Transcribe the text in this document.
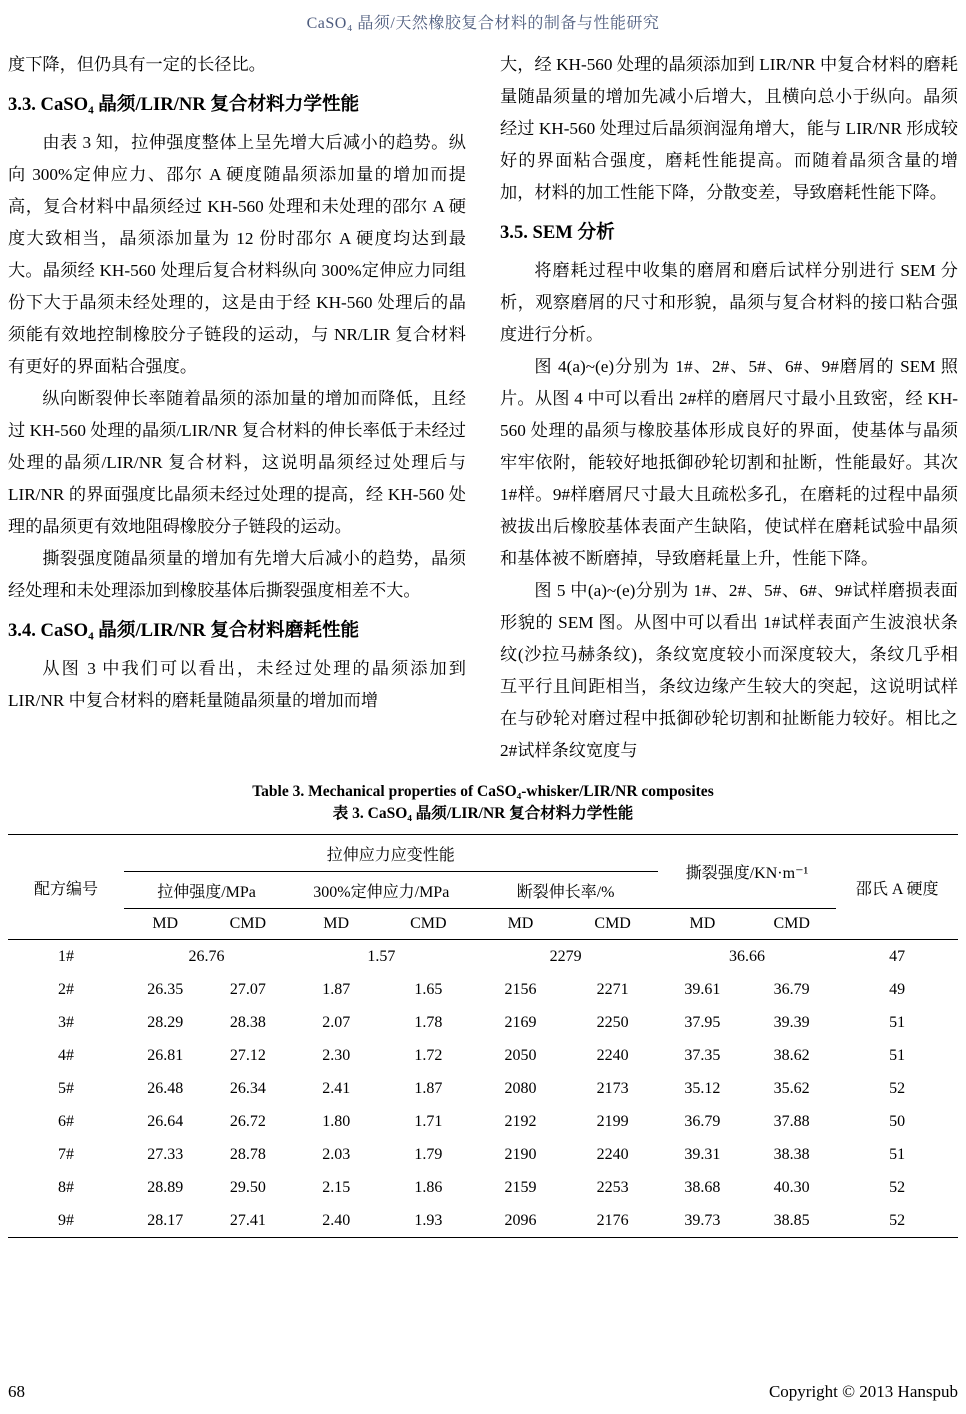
CaSO₄ 晶须/天然橡胶复合材料的制备与性能研究

度下降，但仍具有一定的长径比。

3.3. CaSO₄ 晶须/LIR/NR 复合材料力学性能

由表 3 知，拉伸强度整体上呈先增大后减小的趋势。纵向 300%定伸应力、邵尔 A 硬度随晶须添加量的增加而提高，复合材料中晶须经过 KH-560 处理和未处理的邵尔 A 硬度大致相当，晶须添加量为 12 份时邵尔 A 硬度均达到最大。晶须经 KH-560 处理后复合材料纵向 300%定伸应力同组份下大于晶须未经处理的，这是由于经 KH-560 处理后的晶须能有效地控制橡胶分子链段的运动，与 NR/LIR 复合材料有更好的界面粘合强度。

纵向断裂伸长率随着晶须的添加量的增加而降低，且经过 KH-560 处理的晶须/LIR/NR 复合材料的伸长率低于未经过处理的晶须/LIR/NR 复合材料，这说明晶须经过处理后与 LIR/NR 的界面强度比晶须未经过处理的提高，经 KH-560 处理的晶须更有效地阻碍橡胶分子链段的运动。

撕裂强度随晶须量的增加有先增大后减小的趋势，晶须经处理和未处理添加到橡胶基体后撕裂强度相差不大。

3.4. CaSO₄ 晶须/LIR/NR 复合材料磨耗性能

从图 3 中我们可以看出，未经过处理的晶须添加到 LIR/NR 中复合材料的磨耗量随晶须量的增加而增

大，经 KH-560 处理的晶须添加到 LIR/NR 中复合材料的磨耗量随晶须量的增加先减小后增大，且横向总小于纵向。晶须经过 KH-560 处理过后晶须润湿角增大，能与 LIR/NR 形成较好的界面粘合强度，磨耗性能提高。而随着晶须含量的增加，材料的加工性能下降，分散变差，导致磨耗性能下降。

3.5. SEM 分析

将磨耗过程中收集的磨屑和磨后试样分别进行 SEM 分析，观察磨屑的尺寸和形貌，晶须与复合材料的接口粘合强度进行分析。

图 4(a)~(e)分别为 1#、2#、5#、6#、9#磨屑的 SEM 照片。从图 4 中可以看出 2#样的磨屑尺寸最小且致密，经 KH-560 处理的晶须与橡胶基体形成良好的界面，使基体与晶须牢牢依附，能较好地抵御砂轮切割和扯断，性能最好。其次 1#样。9#样磨屑尺寸最大且疏松多孔，在磨耗的过程中晶须被拔出后橡胶基体表面产生缺陷，使试样在磨耗试验中晶须和基体被不断磨掉，导致磨耗量上升，性能下降。

图 5 中(a)~(e)分别为 1#、2#、5#、6#、9#试样磨损表面形貌的 SEM 图。从图中可以看出 1#试样表面产生波浪状条纹(沙拉马赫条纹)，条纹宽度较小而深度较大，条纹几乎相互平行且间距相当，条纹边缘产生较大的突起，这说明试样在与砂轮对磨过程中抵御砂轮切割和扯断能力较好。相比之 2#试样条纹宽度与

Table 3. Mechanical properties of CaSO₄-whisker/LIR/NR composites
表 3. CaSO₄ 晶须/LIR/NR 复合材料力学性能
配方编号	拉伸应力应变性能						撕裂强度/KN·m⁻¹		邵氏 A 硬度
	拉伸强度/MPa		300%定伸应力/MPa		断裂伸长率/%				
	MD	CMD	MD	CMD	MD	CMD	MD	CMD	
1#	26.76		1.57		2279		36.66		47
2#	26.35	27.07	1.87	1.65	2156	2271	39.61	36.79	49
3#	28.29	28.38	2.07	1.78	2169	2250	37.95	39.39	51
4#	26.81	27.12	2.30	1.72	2050	2240	37.35	38.62	51
5#	26.48	26.34	2.41	1.87	2080	2173	35.12	35.62	52
6#	26.64	26.72	1.80	1.71	2192	2199	36.79	37.88	50
7#	27.33	28.78	2.03	1.79	2190	2240	39.31	38.38	51
8#	28.89	29.50	2.15	1.86	2159	2253	38.68	40.30	52
9#	28.17	27.41	2.40	1.93	2096	2176	39.73	38.85	52
68	Copyright © 2013 Hanspub
